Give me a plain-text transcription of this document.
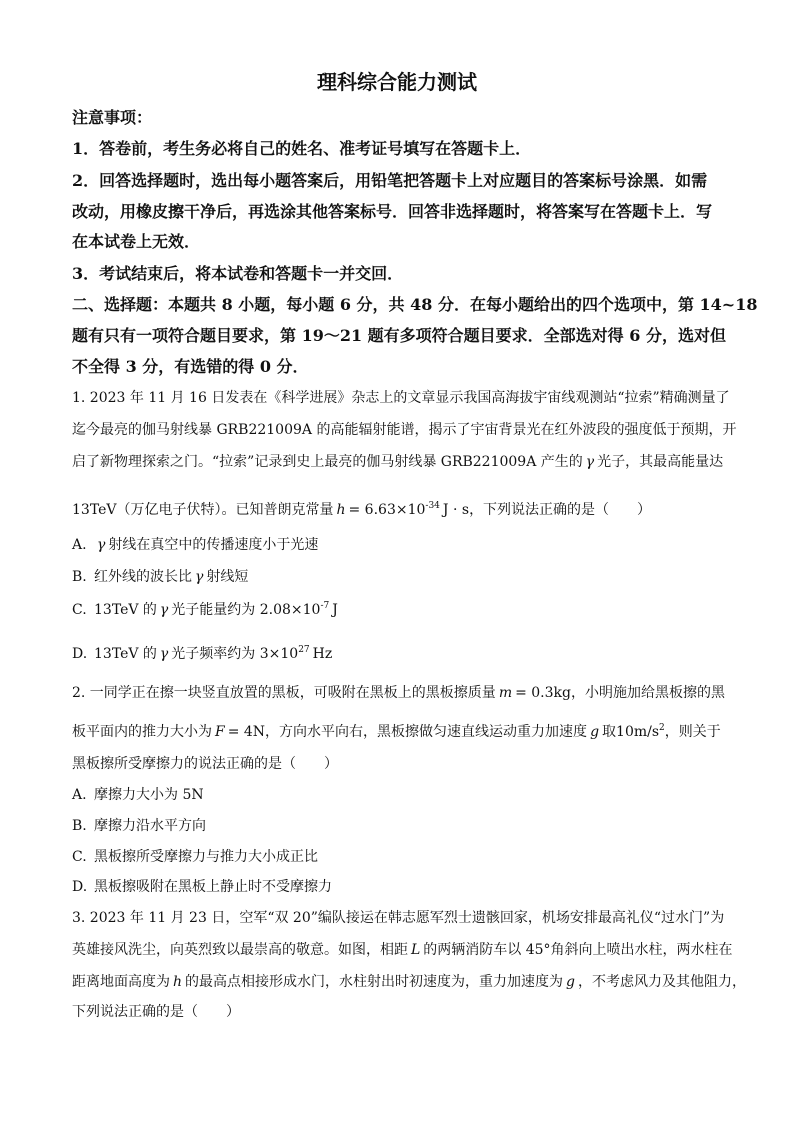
理科综合能力测试
注意事项：
1．答卷前，考生务必将自己的姓名、准考证号填写在答题卡上．
2．回答选择题时，选出每小题答案后，用铅笔把答题卡上对应题目的答案标号涂黑．如需
改动，用橡皮擦干净后，再选涂其他答案标号．回答非选择题时，将答案写在答题卡上．写
在本试卷上无效．
3．考试结束后，将本试卷和答题卡一并交回．
二、选择题：本题共 8 小题，每小题 6 分，共 48 分．在每小题给出的四个选项中，第 14~18
题有只有一项符合题目要求，第 19～21 题有多项符合题目要求．全部选对得 6 分，选对但
不全得 3 分，有选错的得 0 分．
1. 2023 年 11 月 16 日发表在《科学进展》杂志上的文章显示我国高海拔宇宙线观测站“拉索”精确测量了
迄今最亮的伽马射线暴 GRB221009A 的高能辐射能谱，揭示了宇宙背景光在红外波段的强度低于预期，开
启了新物理探索之门。“拉索”记录到史上最亮的伽马射线暴 GRB221009A 产生的 γ 光子，其最高能量达
13TeV（万亿电子伏特）。已知普朗克常量 $h = 6.63\times 10^{-34}$ J · s，下列说法正确的是（　　）
A. γ 射线在真空中的传播速度小于光速
B. 红外线的波长比 γ 射线短
C. 13TeV 的 γ 光子能量约为 $2.08\times 10^{-7}$ J
D. 13TeV 的 γ 光子频率约为 $3\times 10^{27}$ Hz
2. 一同学正在擦一块竖直放置的黑板，可吸附在黑板上的黑板擦质量 m = 0.3kg，小明施加给黑板擦的黑
板平面内的推力大小为 F = 4N，方向水平向右，黑板擦做匀速直线运动重力加速度 g 取$10m/s^2$，则关于
黑板擦所受摩擦力的说法正确的是（　　）
A. 摩擦力大小为 5N
B. 摩擦力沿水平方向
C. 黑板擦所受摩擦力与推力大小成正比
D. 黑板擦吸附在黑板上静止时不受摩擦力
3. 2023 年 11 月 23 日，空军“双 20”编队接运在韩志愿军烈士遗骸回家，机场安排最高礼仪“过水门”为
英雄接风洗尘，向英烈致以最崇高的敬意。如图，相距 L 的两辆消防车以 45°角斜向上喷出水柱，两水柱在
距离地面高度为 h 的最高点相接形成水门，水柱射出时初速度为，重力加速度为 g ，不考虑风力及其他阻力，
下列说法正确的是（　　）
